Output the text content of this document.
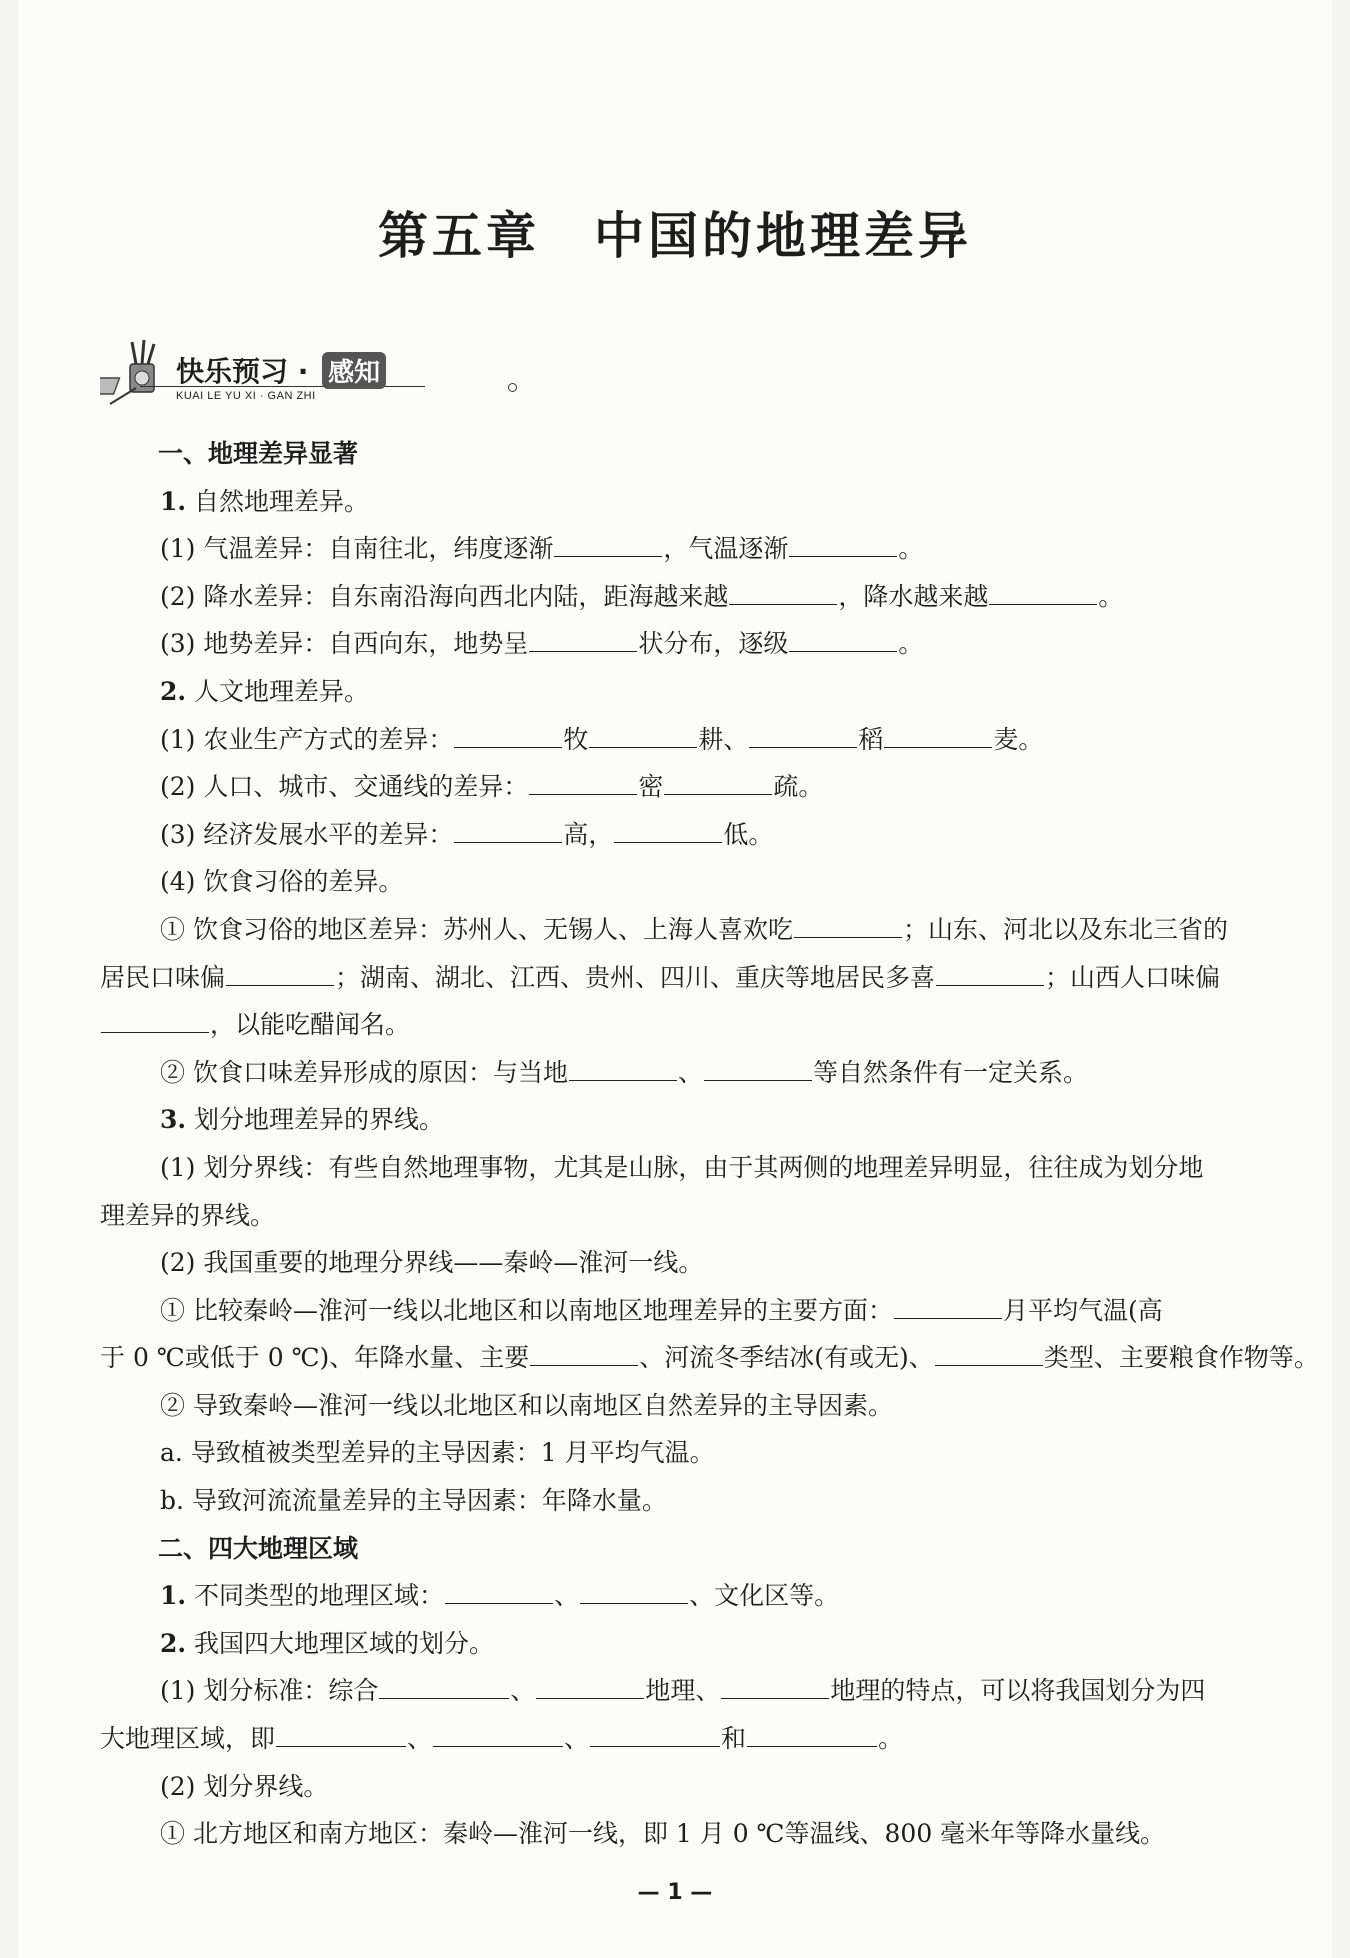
第五章　中国的地理差异
快乐预习 · 感知
KUAI LE YU XI · GAN ZHI

一、地理差异显著

1. 自然地理差异。

(1) 气温差异：自南往北，纬度逐渐	，气温逐渐	。

(2) 降水差异：自东南沿海向西北内陆，距海越来越	，降水越来越	。

(3) 地势差异：自西向东，地势呈	状分布，逐级	。

2. 人文地理差异。

(1) 农业生产方式的差异：	牧	耕、	稻	麦。

(2) 人口、城市、交通线的差异：	密	疏。

(3) 经济发展水平的差异：	高，	低。

(4) 饮食习俗的差异。

① 饮食习俗的地区差异：苏州人、无锡人、上海人喜欢吃	；山东、河北以及东北三省的

居民口味偏	；湖南、湖北、江西、贵州、四川、重庆等地居民多喜	；山西人口味偏

，以能吃醋闻名。

② 饮食口味差异形成的原因：与当地	、	等自然条件有一定关系。

3. 划分地理差异的界线。

(1) 划分界线：有些自然地理事物，尤其是山脉，由于其两侧的地理差异明显，往往成为划分地

理差异的界线。

(2) 我国重要的地理分界线——秦岭—淮河一线。

① 比较秦岭—淮河一线以北地区和以南地区地理差异的主要方面：	月平均气温(高

于 0 ℃或低于 0 ℃)、年降水量、主要	、河流冬季结冰(有或无)、	类型、主要粮食作物等。

② 导致秦岭—淮河一线以北地区和以南地区自然差异的主导因素。

a. 导致植被类型差异的主导因素：1 月平均气温。

b. 导致河流流量差异的主导因素：年降水量。

二、四大地理区域

1. 不同类型的地理区域：	、	、文化区等。

2. 我国四大地理区域的划分。

(1) 划分标准：综合	、	地理、	地理的特点，可以将我国划分为四

大地理区域，即	、	、	和	。

(2) 划分界线。

① 北方地区和南方地区：秦岭—淮河一线，即 1 月 0 ℃等温线、800 毫米年等降水量线。

— 1 —
